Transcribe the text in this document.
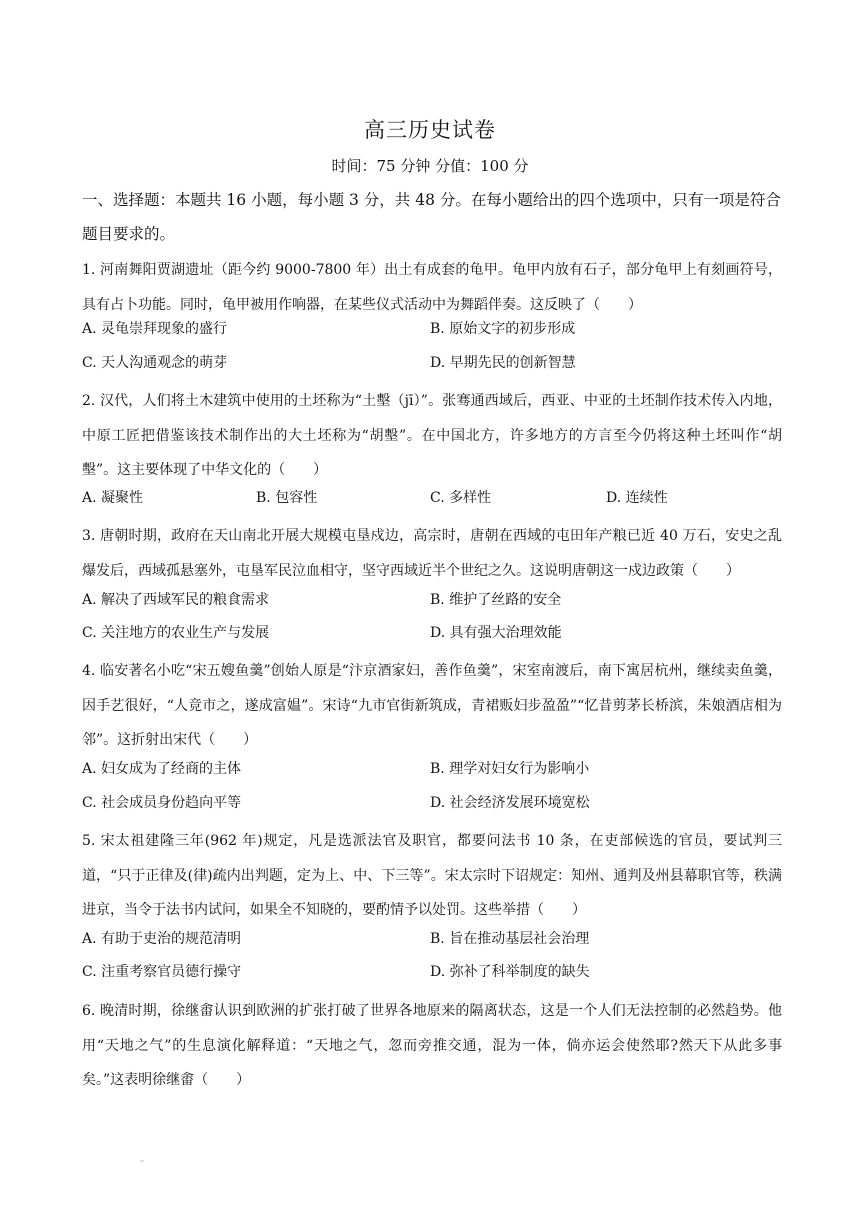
高三历史试卷
时间：75 分钟 分值：100 分
一、选择题：本题共 16 小题，每小题 3 分，共 48 分。在每小题给出的四个选项中，只有一项是符合题目要求的。
1. 河南舞阳贾湖遗址（距今约 9000-7800 年）出土有成套的龟甲。龟甲内放有石子，部分龟甲上有刻画符号，具有占卜功能。同时，龟甲被用作响器，在某些仪式活动中为舞蹈伴奏。这反映了（　　）
A. 灵龟崇拜现象的盛行	B. 原始文字的初步形成
C. 天人沟通观念的萌芽	D. 早期先民的创新智慧
2. 汉代，人们将土木建筑中使用的土坯称为“土墼（jī）”。张骞通西域后，西亚、中亚的土坯制作技术传入内地，中原工匠把借鉴该技术制作出的大土坯称为“胡墼”。在中国北方，许多地方的方言至今仍将这种土坯叫作“胡墼”。这主要体现了中华文化的（　　）
A. 凝聚性	B. 包容性	C. 多样性	D. 连续性
3. 唐朝时期，政府在天山南北开展大规模屯垦戍边，高宗时，唐朝在西域的屯田年产粮已近 40 万石，安史之乱爆发后，西域孤悬塞外，屯垦军民泣血相守，坚守西域近半个世纪之久。这说明唐朝这一戍边政策（　　）
A. 解决了西域军民的粮食需求	B. 维护了丝路的安全
C. 关注地方的农业生产与发展	D. 具有强大治理效能
4. 临安著名小吃“宋五嫂鱼羹”创始人原是“汴京酒家妇，善作鱼羹”，宋室南渡后，南下寓居杭州，继续卖鱼羹，因手艺很好，“人竞市之，遂成富媪”。宋诗“九市官街新筑成，青裙贩妇步盈盈”“忆昔剪茅长桥滨，朱娘酒店相为邻”。这折射出宋代（　　）
A. 妇女成为了经商的主体	B. 理学对妇女行为影响小
C. 社会成员身份趋向平等	D. 社会经济发展环境宽松
5. 宋太祖建隆三年(962 年)规定，凡是选派法官及职官，都要问法书 10 条，在吏部候选的官员，要试判三道，“只于正律及(律)疏内出判题，定为上、中、下三等”。宋太宗时下诏规定：知州、通判及州县幕职官等，秩满进京，当令于法书内试问，如果全不知晓的，要酌情予以处罚。这些举措（　　）
A. 有助于吏治的规范清明	B. 旨在推动基层社会治理
C. 注重考察官员德行操守	D. 弥补了科举制度的缺失
6. 晚清时期，徐继畬认识到欧洲的扩张打破了世界各地原来的隔离状态，这是一个人们无法控制的必然趋势。他用“天地之气”的生息演化解释道：“天地之气，忽而旁推交通，混为一体，倘亦运会使然耶?然天下从此多事矣。”这表明徐继畬（　　）
